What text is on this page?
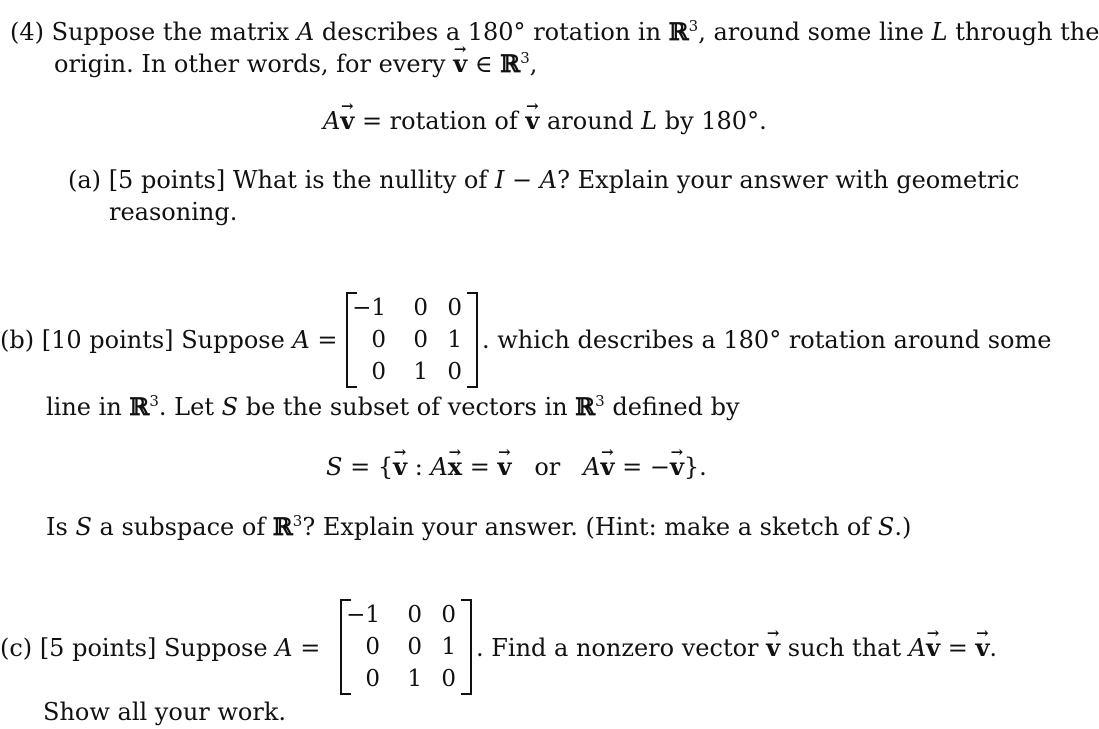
(4) Suppose the matrix A describes a 180° rotation in ℝ$^3$, around some line L through the
origin. In other words, for every → v ∈ ℝ$^3$,
A→ v = rotation of → v around L by 180°.
(a) [5 points] What is the nullity of I − A? Explain your answer with geometric
reasoning.
(b) [10 points] Suppose A =
−1	0 0
0	0 1
0	1 0
. which describes a 180° rotation around some
line in ℝ$^3$. Let S be the subset of vectors in ℝ$^3$ defined by
S = {→ v : A→ x = → v or A→ v = −→ v}.
Is S a subspace of ℝ$^3$? Explain your answer. (Hint: make a sketch of S.)
(c) [5 points] Suppose A =
−1	0 0
0	0 1
0	1 0
. Find a nonzero vector → v such that A→ v = → v.
Show all your work.
